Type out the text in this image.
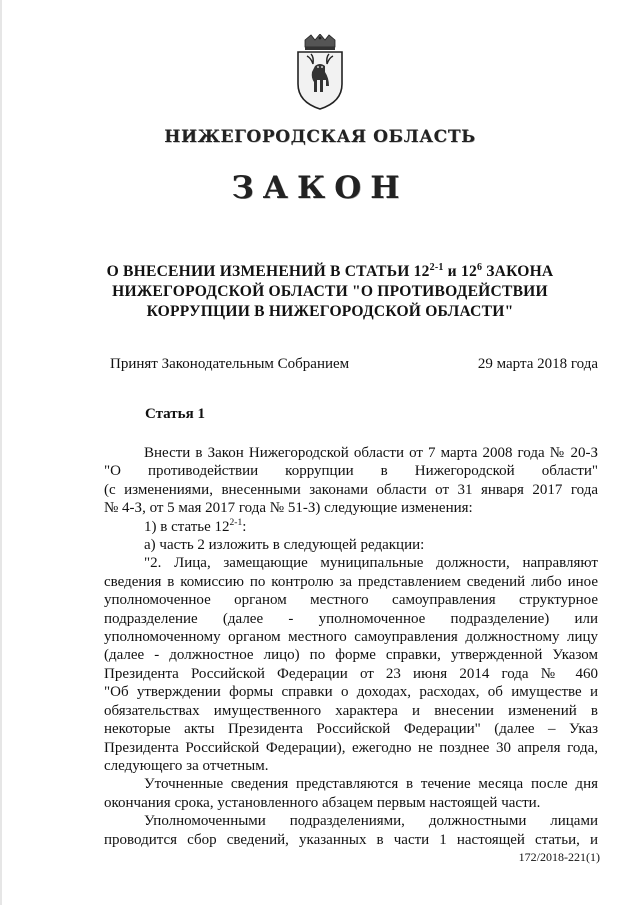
НИЖЕГОРОДСКАЯ ОБЛАСТЬ
ЗАКОН
О ВНЕСЕНИИ ИЗМЕНЕНИЙ В СТАТЬИ 12$^{2-1}$ и $12^6$ ЗАКОНА
НИЖЕГОРОДСКОЙ ОБЛАСТИ "О ПРОТИВОДЕЙСТВИИ
КОРРУПЦИИ В НИЖЕГОРОДСКОЙ ОБЛАСТИ"
Принят Законодательным Собранием	29 марта 2018 года
Статья 1

Внести в Закон Нижегородской области от 7 марта 2008 года № 20-З

"О противодействии коррупции в Нижегородской области"

(с изменениями, внесенными законами области от 31 января 2017 года

№ 4-З, от 5 мая 2017 года № 51-З) следующие изменения:

1) в статье 12$^{2-1}$:

а) часть 2 изложить в следующей редакции:

"2. Лица, замещающие муниципальные должности, направляют

сведения в комиссию по контролю за представлением сведений либо иное

уполномоченное органом местного самоуправления структурное

подразделение (далее - уполномоченное подразделение) или

уполномоченному органом местного самоуправления должностному лицу

(далее - должностное лицо) по форме справки, утвержденной Указом

Президента Российской Федерации от 23 июня 2014 года № 460

"Об утверждении формы справки о доходах, расходах, об имуществе и

обязательствах имущественного характера и внесении изменений в

некоторые акты Президента Российской Федерации" (далее – Указ

Президента Российской Федерации), ежегодно не позднее 30 апреля года,

следующего за отчетным.

Уточненные сведения представляются в течение месяца после дня

окончания срока, установленного абзацем первым настоящей части.

Уполномоченными подразделениями, должностными лицами

проводится сбор сведений, указанных в части 1 настоящей статьи, и

172/2018-221(1)
